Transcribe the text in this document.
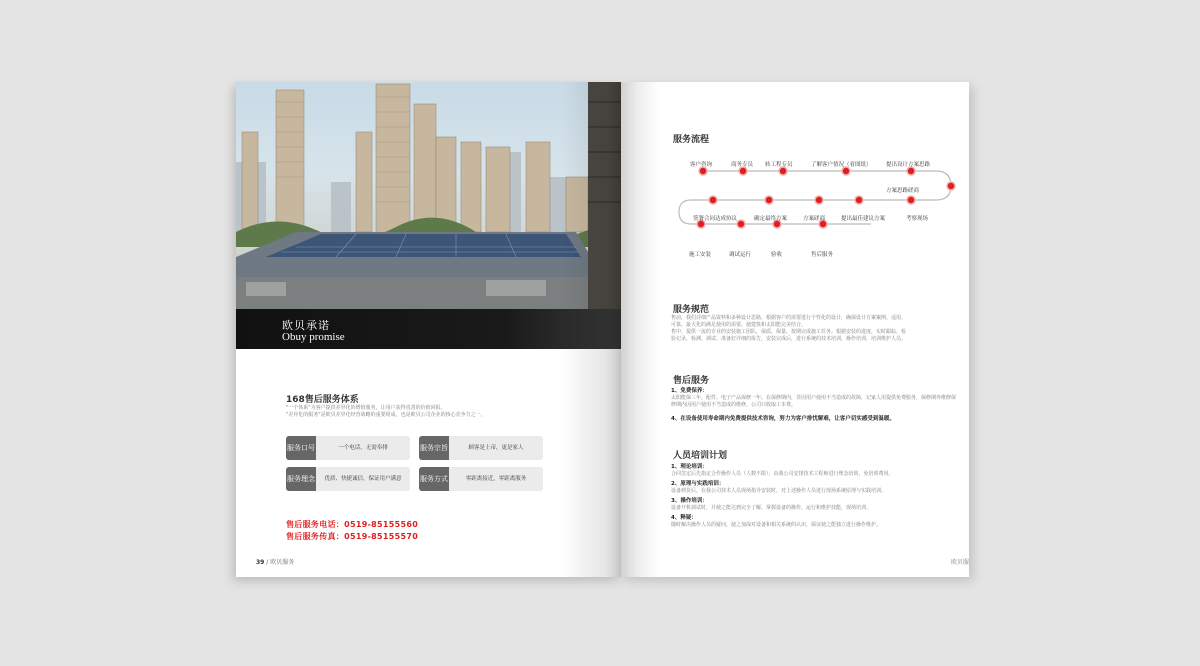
欧贝承诺
Obuy promise
168售后服务体系
"一个体系"为客户提供差异化的增值服务，让用户获得真善的价值回报。
"差异化的服务"是欧贝差异化经营战略的重要组成，也是欧贝公司企业的核心竞争力之一。
服务口号	一个电话，无需奉排	服务宗旨	顾客是上帝，更是家人
服务理念	优质、快捷诚信，保证用户满意	服务方式	零距离接近，零距离服务
售后服务电话：0519-85155560
售后服务传真：0519-85155570
39 / 欧贝服务
服务流程
客户咨询	商务专员 转工程专员	了解客户情况（看图纸）	提出设计方案思路
方案思路磋商
签署合同达成协议	确定最终方案	方案磋商	提出最佳建议方案	考察现场
施工安装	调试运行	验收	售后服务
服务规范
售前，我们详细产品资料和多种设计思路，根据客户的需要进行个性化的设计，确保设计方案案例、适用、
可靠，最大化的满足使用的需要，使建筑和太阳能完美结合。
售中，提供一流的专业的安装施工团队，保质、保量、按期完成施工任务。根据安装的进度，实时跟踪，检
验记录，检测、调试、准备好详细的报告，安装完成后，进行系统的技术培训，操作培训，培训维护人员。
售后服务
1、免费保养：
太阳能保三年，配件、电子产品保修一年。在保修期内，非因用户使用不当造成的故障，记家人用提供免费服务，保修期外维修保修期内因用户使用不当造成的维修，公司只收取工本费。
4、在设备使用寿命期内免费提供技术咨询，努力为客户排忧解难，让客户切实感受到温暖。
人员培训计划
1、理论培训：
合同签定后先指定合作操作人员（人数不限），由我公司安排技术工程师进行理念培训，免培训费用。
2、原理与实践培训：
设备到货后，在我公司技术人员现场指导安装时，对上述操作人员进行现场系统原理与实践培训。
3、操作培训：
设备开机调试时，并使之能达到完全了解，掌握设备的操作，运行和维护技能，现场培训。
4、释疑：
随时解决操作人员的疑问，使之加深对设备和相关系统的认识，保证使之能独立进行操作维护。
欧贝服
